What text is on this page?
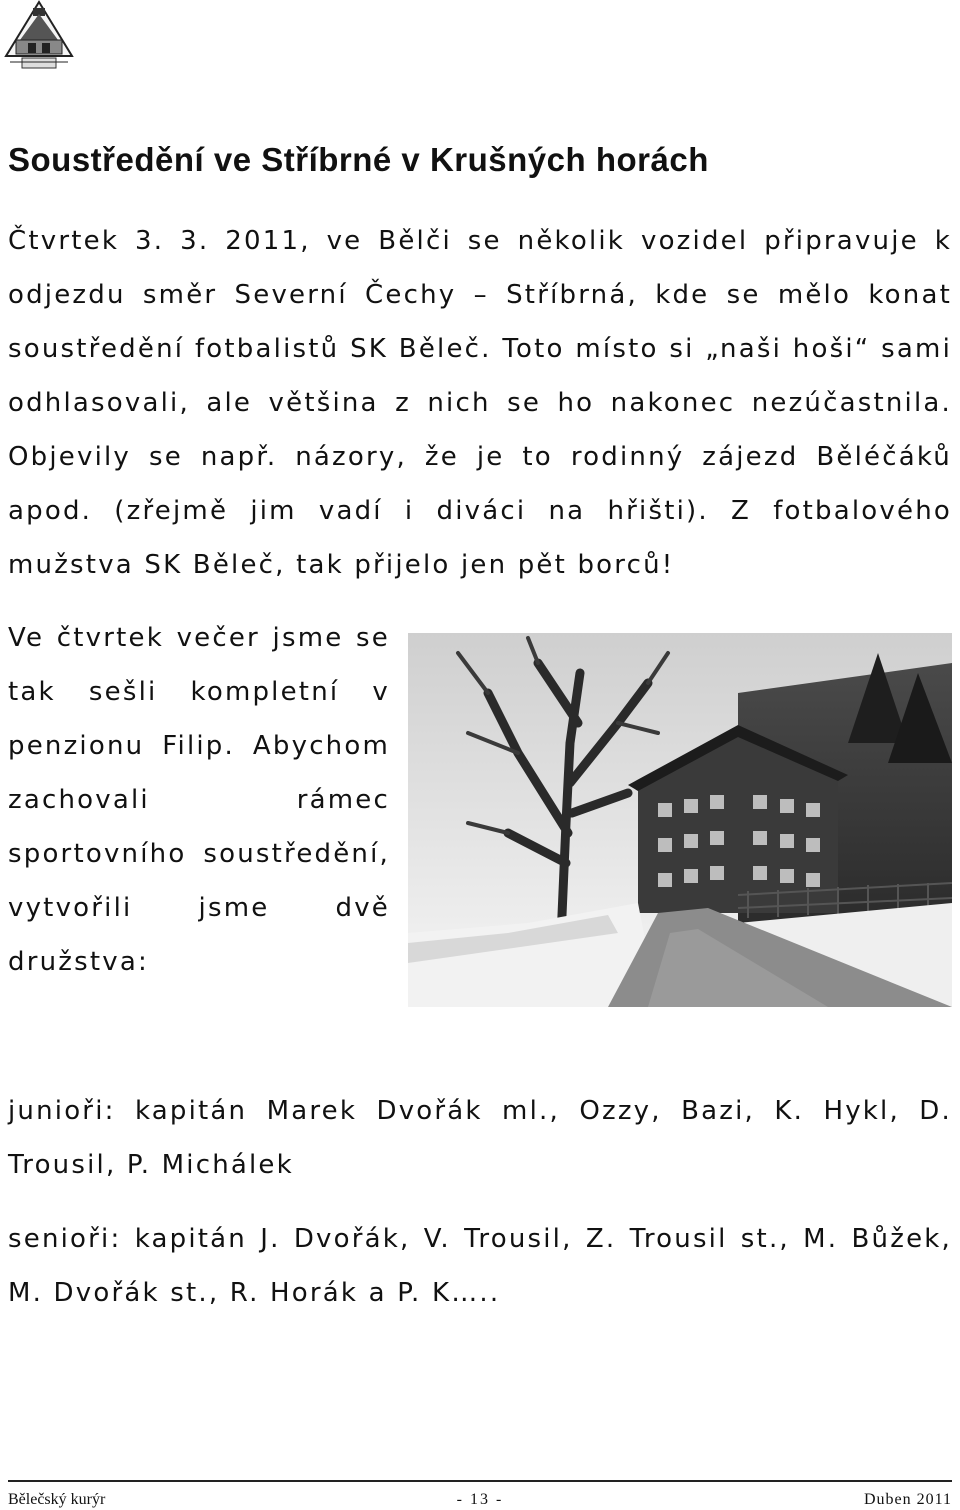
Soustředění ve Stříbrné v Krušných horách

Čtvrtek 3. 3. 2011, ve Bělči se několik vozidel připravuje k odjezdu směr Severní Čechy – Stříbrná, kde se mělo konat soustředění fotbalistů SK Běleč. Toto místo si „naši hoši“ sami odhlasovali, ale většina z nich se ho nakonec nezúčastnila. Objevily se např. názory, že je to rodinný zájezd Běléčáků apod. (zřejmě jim vadí i diváci na hřišti). Z fotbalového mužstva SK Běleč, tak přijelo jen pět borců!

Ve čtvrtek večer jsme se tak sešli kompletní v penzionu Filip. Abychom zachovali rámec sportovního soustředění, vytvořili jsme dvě družstva:

junioři: kapitán Marek Dvořák ml., Ozzy, Bazi, K. Hykl, D. Trousil, P. Michálek

senioři: kapitán J. Dvořák, V. Trousil, Z. Trousil st., M. Bůžek, M. Dvořák st., R. Horák a P. K…..

Bělečský kurýr	- 13 -	Duben 2011
